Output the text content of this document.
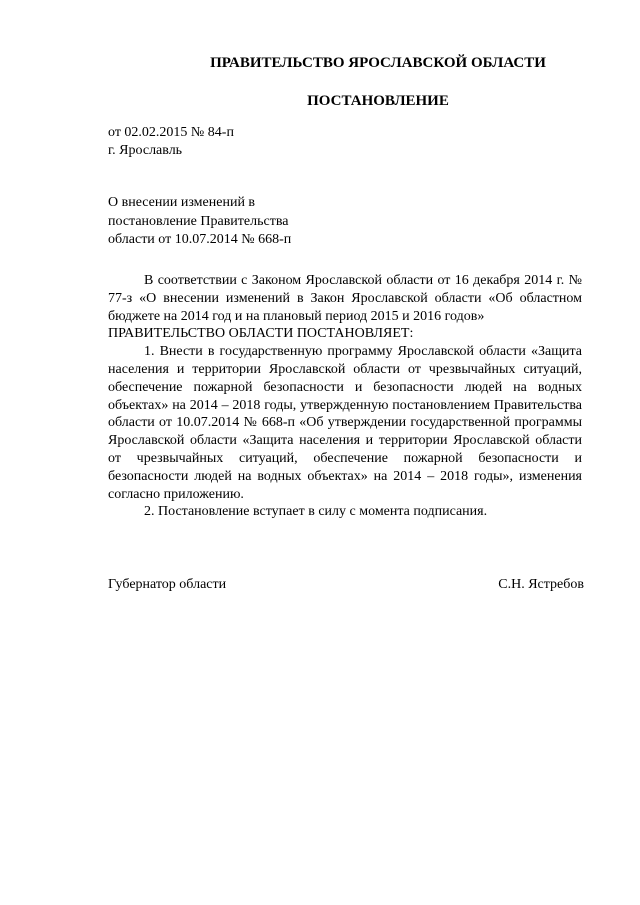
ПРАВИТЕЛЬСТВО ЯРОСЛАВСКОЙ ОБЛАСТИ
ПОСТАНОВЛЕНИЕ
от 02.02.2015 № 84-п
г. Ярославль
О внесении изменений в
постановление Правительства
области от 10.07.2014 № 668-п

В соответствии с Законом Ярославской области от 16 декабря 2014 г. № 77-з «О внесении изменений в Закон Ярославской области «Об областном бюджете на 2014 год и на плановый период 2015 и 2016 годов»

ПРАВИТЕЛЬСТВО ОБЛАСТИ ПОСТАНОВЛЯЕТ:

1. Внести в государственную программу Ярославской области «Защита населения и территории Ярославской области от чрезвычайных ситуаций, обеспечение пожарной безопасности и безопасности людей на водных объектах» на 2014 – 2018 годы, утвержденную постановлением Правительства области от 10.07.2014 № 668-п «Об утверждении государственной программы Ярославской области «Защита населения и территории Ярославской области от чрезвычайных ситуаций, обеспечение пожарной безопасности и безопасности людей на водных объектах» на 2014 – 2018 годы», изменения согласно приложению.

2. Постановление вступает в силу с момента подписания.

Губернатор области	С.Н. Ястребов
